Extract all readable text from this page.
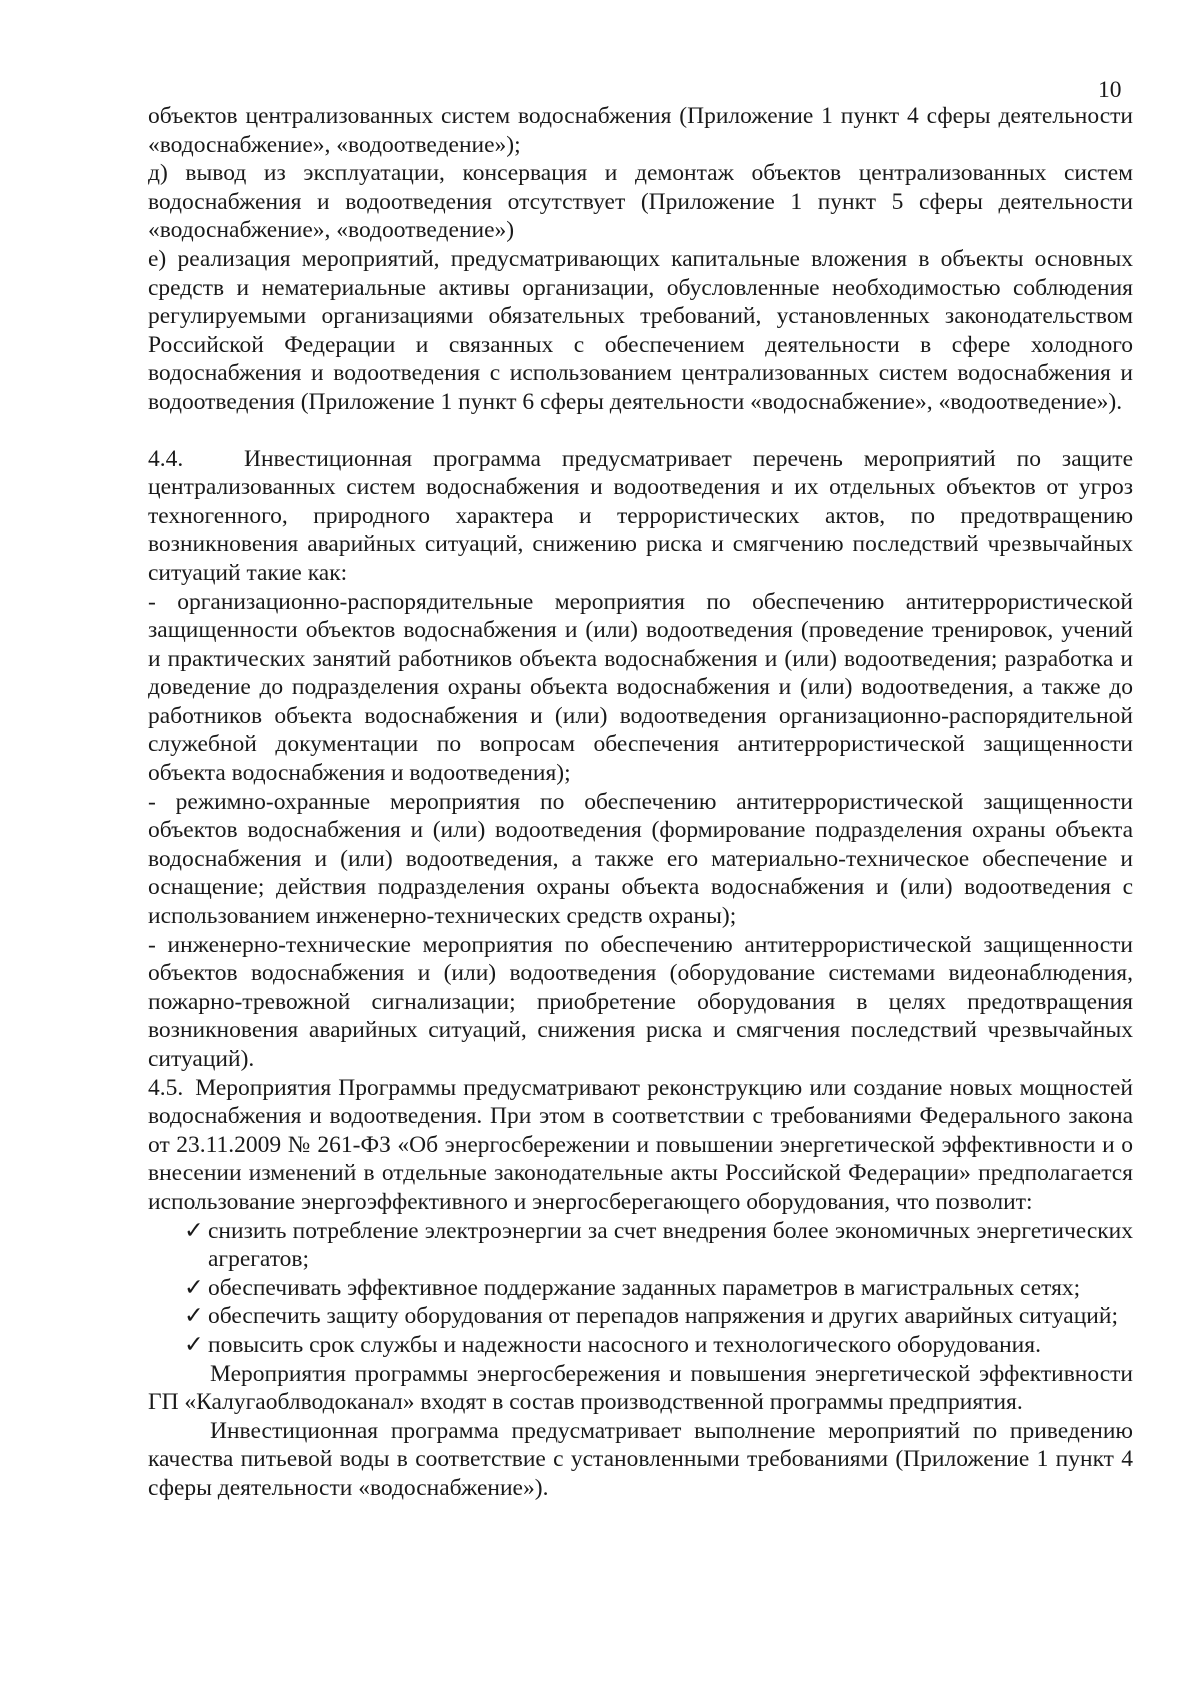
10

объектов централизованных систем водоснабжения (Приложение 1 пункт 4 сферы деятельности «водоснабжение», «водоотведение»);

д) вывод из эксплуатации, консервация и демонтаж объектов централизованных систем водоснабжения и водоотведения отсутствует (Приложение 1 пункт 5 сферы деятельности «водоснабжение», «водоотведение»)

е) реализация мероприятий, предусматривающих капитальные вложения в объекты основных средств и нематериальные активы организации, обусловленные необходимостью соблюдения регулируемыми организациями обязательных требований, установленных законодательством Российской Федерации и связанных с обеспечением деятельности в сфере холодного водоснабжения и водоотведения с использованием централизованных систем водоснабжения и водоотведения (Приложение 1 пункт 6 сферы деятельности «водоснабжение», «водоотведение»).

4.4.	Инвестиционная программа предусматривает перечень мероприятий по защите централизованных систем водоснабжения и водоотведения и их отдельных объектов от угроз техногенного, природного характера и террористических актов, по предотвращению возникновения аварийных ситуаций, снижению риска и смягчению последствий чрезвычайных ситуаций такие как:

- организационно-распорядительные мероприятия по обеспечению антитеррористической защищенности объектов водоснабжения и (или) водоотведения (проведение тренировок, учений и практических занятий работников объекта водоснабжения и (или) водоотведения; разработка и доведение до подразделения охраны объекта водоснабжения и (или) водоотведения, а также до работников объекта водоснабжения и (или) водоотведения организационно-распорядительной служебной документации по вопросам обеспечения антитеррористической защищенности объекта водоснабжения и водоотведения);

- режимно-охранные мероприятия по обеспечению антитеррористической защищенности объектов водоснабжения и (или) водоотведения (формирование подразделения охраны объекта водоснабжения и (или) водоотведения, а также его материально-техническое обеспечение и оснащение; действия подразделения охраны объекта водоснабжения и (или) водоотведения с использованием инженерно-технических средств охраны);

- инженерно-технические мероприятия по обеспечению антитеррористической защищенности объектов водоснабжения и (или) водоотведения (оборудование системами видеонаблюдения, пожарно-тревожной сигнализации; приобретение оборудования в целях предотвращения возникновения аварийных ситуаций, снижения риска и смягчения последствий чрезвычайных ситуаций).

4.5. Мероприятия Программы предусматривают реконструкцию или создание новых мощностей водоснабжения и водоотведения. При этом в соответствии с требованиями Федерального закона от 23.11.2009 № 261-ФЗ «Об энергосбережении и повышении энергетической эффективности и о внесении изменений в отдельные законодательные акты Российской Федерации» предполагается использование энергоэффективного и энергосберегающего оборудования, что позволит:

✓ снизить потребление электроэнергии за счет внедрения более экономичных энергетических агрегатов;
✓ обеспечивать эффективное поддержание заданных параметров в магистральных сетях;
✓ обеспечить защиту оборудования от перепадов напряжения и других аварийных ситуаций;
✓ повысить срок службы и надежности насосного и технологического оборудования.

Мероприятия программы энергосбережения и повышения энергетической эффективности ГП «Калугаоблводоканал» входят в состав производственной программы предприятия.

Инвестиционная программа предусматривает выполнение мероприятий по приведению качества питьевой воды в соответствие с установленными требованиями (Приложение 1 пункт 4 сферы деятельности «водоснабжение»).
